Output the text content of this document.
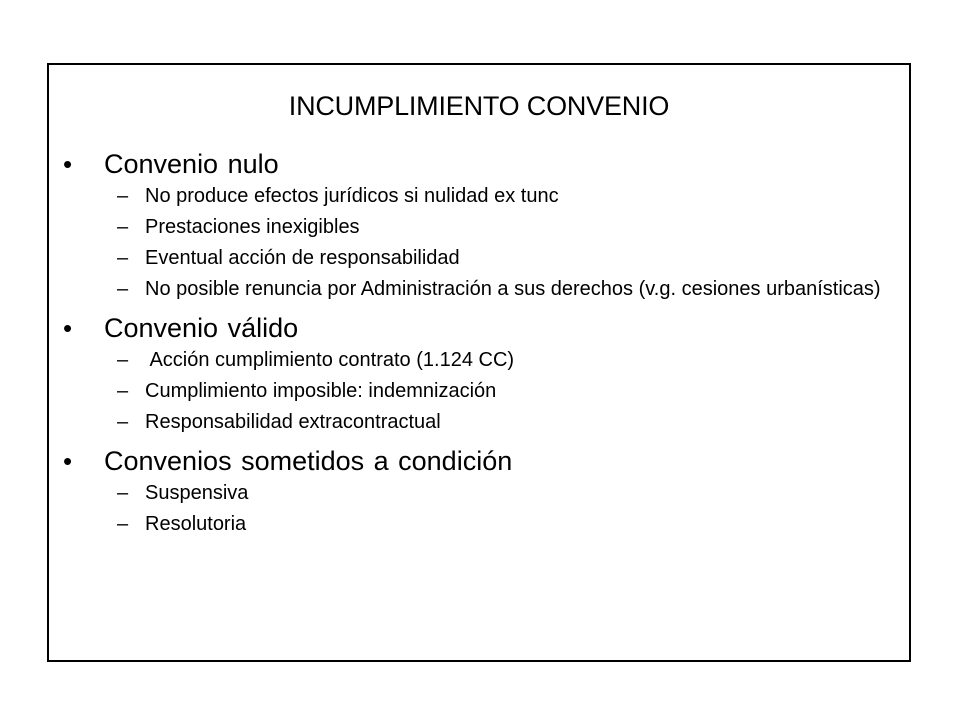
INCUMPLIMIENTO CONVENIO
• Convenio nulo
– No produce efectos jurídicos si nulidad ex tunc
– Prestaciones inexigibles
– Eventual acción de responsabilidad
– No posible renuncia por Administración a sus derechos (v.g. cesiones urbanísticas)
• Convenio válido
– Acción cumplimiento contrato (1.124 CC)
– Cumplimiento imposible: indemnización
– Responsabilidad extracontractual
• Convenios sometidos a condición
– Suspensiva
– Resolutoria
